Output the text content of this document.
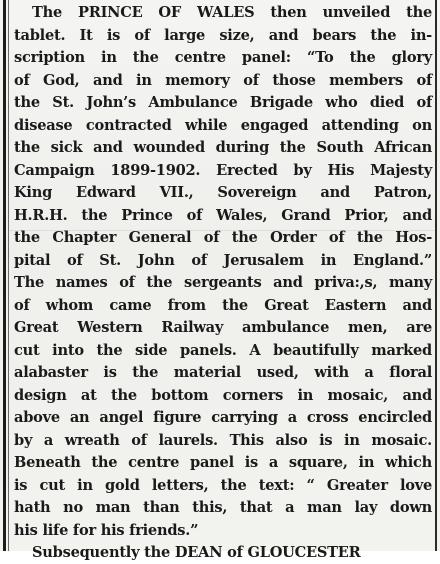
The PRINCE OF WALES then unveiled the
tablet. It is of large size, and bears the in-
scription in the centre panel: “To the glory
of God, and in memory of those members of
the St. John’s Ambulance Brigade who died of
disease contracted while engaged attending on
the sick and wounded during the South African
Campaign 1899-1902. Erected by His Majesty
King Edward VII., Sovereign and Patron,
H.R.H. the Prince of Wales, Grand Prior, and
the Chapter General of the Order of the Hos-
pital of St. John of Jerusalem in England.”
The names of the sergeants and priva:,s, many
of whom came from the Great Eastern and
Great Western Railway ambulance men, are
cut into the side panels. A beautifully marked
alabaster is the material used, with a floral
design at the bottom corners in mosaic, and
above an angel figure carrying a cross encircled
by a wreath of laurels. This also is in mosaic.
Beneath the centre panel is a square, in which
is cut in gold letters, the text: “ Greater love
hath no man than this, that a man lay down
his life for his friends.”
Subsequently the DEAN of GLOUCESTER
